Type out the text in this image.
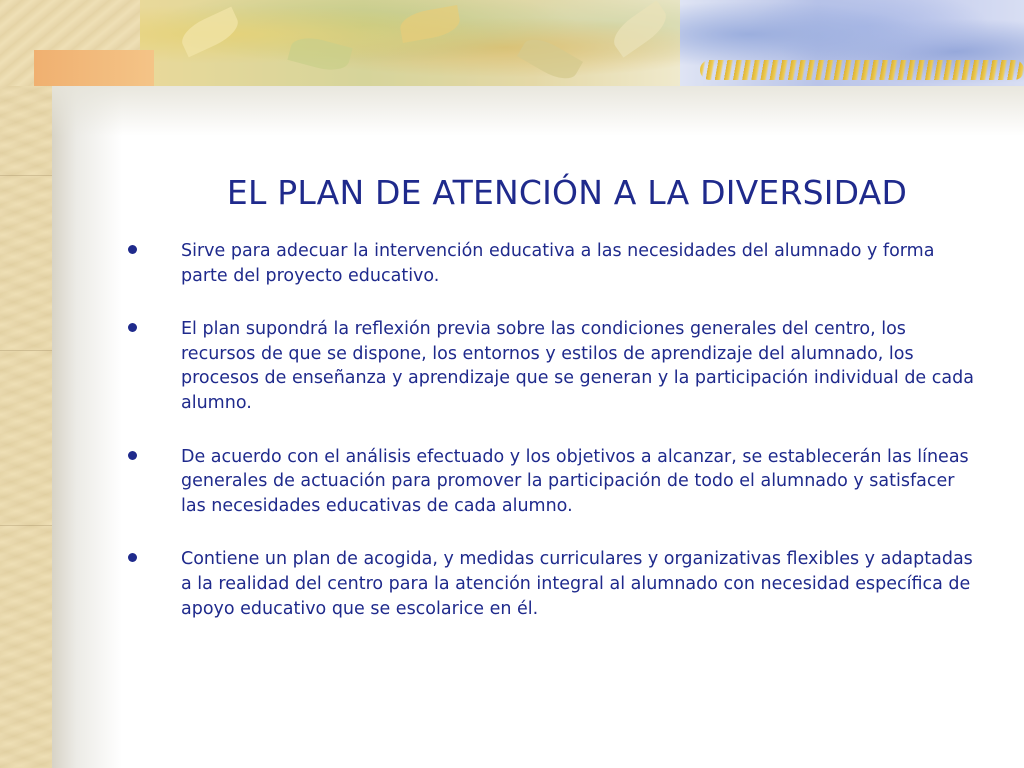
EL PLAN DE ATENCIÓN A LA DIVERSIDAD
Sirve para adecuar la intervención educativa a las necesidades del alumnado y forma parte del proyecto educativo.
El plan supondrá la reflexión previa sobre las condiciones generales del centro, los recursos de que se dispone, los entornos y estilos de aprendizaje del alumnado, los procesos de enseñanza y aprendizaje que se generan y la participación individual de cada alumno.
De acuerdo con el análisis efectuado y los objetivos a alcanzar, se establecerán las líneas generales de actuación para promover la participación de todo el alumnado y satisfacer las necesidades educativas de cada alumno.
Contiene un plan de acogida, y medidas curriculares y organizativas flexibles y adaptadas a la realidad del centro para la atención integral al alumnado con necesidad específica de apoyo educativo que se escolarice en él.
